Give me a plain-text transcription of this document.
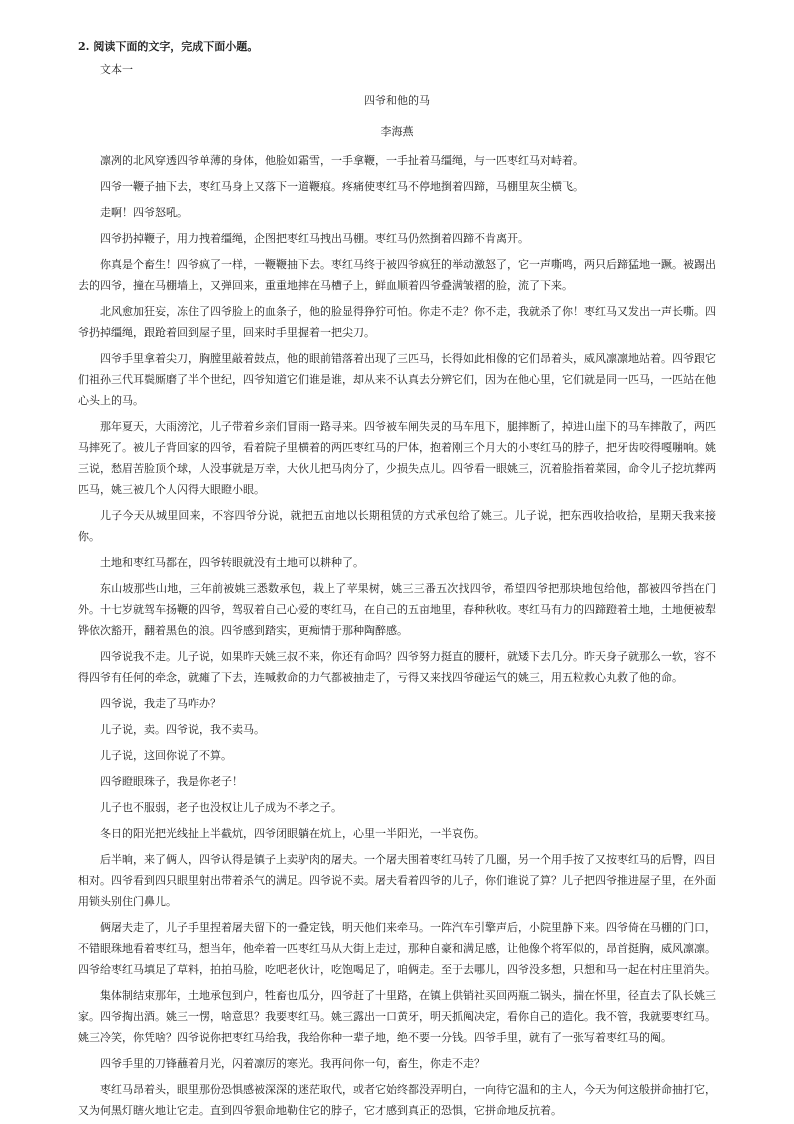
2. 阅读下面的文字，完成下面小题。

文本一

四爷和他的马

李海燕

凛冽的北风穿透四爷单薄的身体，他脸如霜雪，一手拿鞭，一手扯着马缰绳，与一匹枣红马对峙着。

四爷一鞭子抽下去，枣红马身上又落下一道鞭痕。疼痛使枣红马不停地捯着四蹄，马棚里灰尘横飞。

走啊！四爷怒吼。

四爷扔掉鞭子，用力拽着缰绳，企图把枣红马拽出马棚。枣红马仍然捯着四蹄不肯离开。

你真是个畜生！四爷疯了一样，一鞭鞭抽下去。枣红马终于被四爷疯狂的举动激怒了，它一声嘶鸣，两只后蹄猛地一蹶。被踢出去的四爷，撞在马棚墙上，又弹回来，重重地摔在马槽子上，鲜血顺着四爷叠满皱褶的脸，流了下来。

北风愈加狂妄，冻住了四爷脸上的血条子，他的脸显得狰狞可怕。你走不走？你不走，我就杀了你！枣红马又发出一声长嘶。四爷扔掉缰绳，跟跄着回到屋子里，回来时手里握着一把尖刀。

四爷手里拿着尖刀，胸膛里敲着鼓点，他的眼前错落着出现了三匹马，长得如此相像的它们昂着头，威风凛凛地站着。四爷跟它们祖孙三代耳鬓厮磨了半个世纪，四爷知道它们谁是谁，却从来不认真去分辨它们，因为在他心里，它们就是同一匹马，一匹站在他心头上的马。

那年夏天，大雨滂沱，儿子带着乡亲们冒雨一路寻来。四爷被车闸失灵的马车甩下，腿摔断了，掉进山崖下的马车摔散了，两匹马摔死了。被儿子背回家的四爷，看着院子里横着的两匹枣红马的尸体，抱着刚三个月大的小枣红马的脖子，把牙齿咬得嘎嘣响。姚三说，愁眉苦脸顶个球，人没事就是万幸，大伙儿把马肉分了，少损失点儿。四爷看一眼姚三，沉着脸指着菜园，命令儿子挖坑葬两匹马，姚三被几个人闪得大眼瞪小眼。

儿子今天从城里回来，不容四爷分说，就把五亩地以长期租赁的方式承包给了姚三。儿子说，把东西收拾收拾，星期天我来接你。

土地和枣红马都在，四爷转眼就没有土地可以耕种了。

东山坡那些山地，三年前被姚三悉数承包，栽上了苹果树，姚三三番五次找四爷，希望四爷把那块地包给他，都被四爷挡在门外。十七岁就驾车扬鞭的四爷，驾驭着自己心爱的枣红马，在自己的五亩地里，春种秋收。枣红马有力的四蹄蹬着土地，土地便被犁铧依次豁开，翻着黑色的浪。四爷感到踏实，更痴情于那种陶醉感。

四爷说我不走。儿子说，如果昨天姚三叔不来，你还有命吗？四爷努力挺直的腰杆，就矮下去几分。昨天身子就那么一软，容不得四爷有任何的牵念，就瘫了下去，连喊救命的力气都被抽走了，亏得又来找四爷碰运气的姚三，用五粒救心丸救了他的命。

四爷说，我走了马咋办？

儿子说，卖。四爷说，我不卖马。

儿子说，这回你说了不算。

四爷瞪眼珠子，我是你老子！

儿子也不服弱，老子也没权让儿子成为不孝之子。

冬日的阳光把光线扯上半截炕，四爷闭眼躺在炕上，心里一半阳光，一半哀伤。

后半晌，来了俩人，四爷认得是镇子上卖驴肉的屠夫。一个屠夫围着枣红马转了几圈，另一个用手按了又按枣红马的后臀，四目相对。四爷看到四只眼里射出带着杀气的满足。四爷说不卖。屠夫看着四爷的儿子，你们谁说了算？儿子把四爷推进屋子里，在外面用锁头别住门鼻儿。

俩屠夫走了，儿子手里捏着屠夫留下的一叠定钱，明天他们来牵马。一阵汽车引擎声后，小院里静下来。四爷倚在马棚的门口，不错眼珠地看着枣红马，想当年，他牵着一匹枣红马从大街上走过，那种自豪和满足感，让他像个将军似的，昂首挺胸，威风凛凛。四爷给枣红马填足了草料，拍拍马脸，吃吧老伙计，吃饱喝足了，咱俩走。至于去哪儿，四爷没多想，只想和马一起在村庄里消失。

集体制结束那年，土地承包到户，牲畜也瓜分，四爷赶了十里路，在镇上供销社买回两瓶二锅头，揣在怀里，径直去了队长姚三家。四爷掏出酒。姚三一愣，啥意思？我要枣红马。姚三露出一口黄牙，明天抓阄决定，看你自己的造化。我不管，我就要枣红马。姚三冷笑，你凭啥？四爷说你把枣红马给我，我给你种一辈子地，绝不要一分钱。四爷手里，就有了一张写着枣红马的阄。

四爷手里的刀锋蘸着月光，闪着凛厉的寒光。我再问你一句，畜生，你走不走？

枣红马昂着头，眼里那份恐惧感被深深的迷茫取代，或者它始终都没弄明白，一向待它温和的主人，今天为何这般拼命抽打它，又为何黑灯瞎火地让它走。直到四爷狠命地勒住它的脖子，它才感到真正的恐惧，它拼命地反抗着。
